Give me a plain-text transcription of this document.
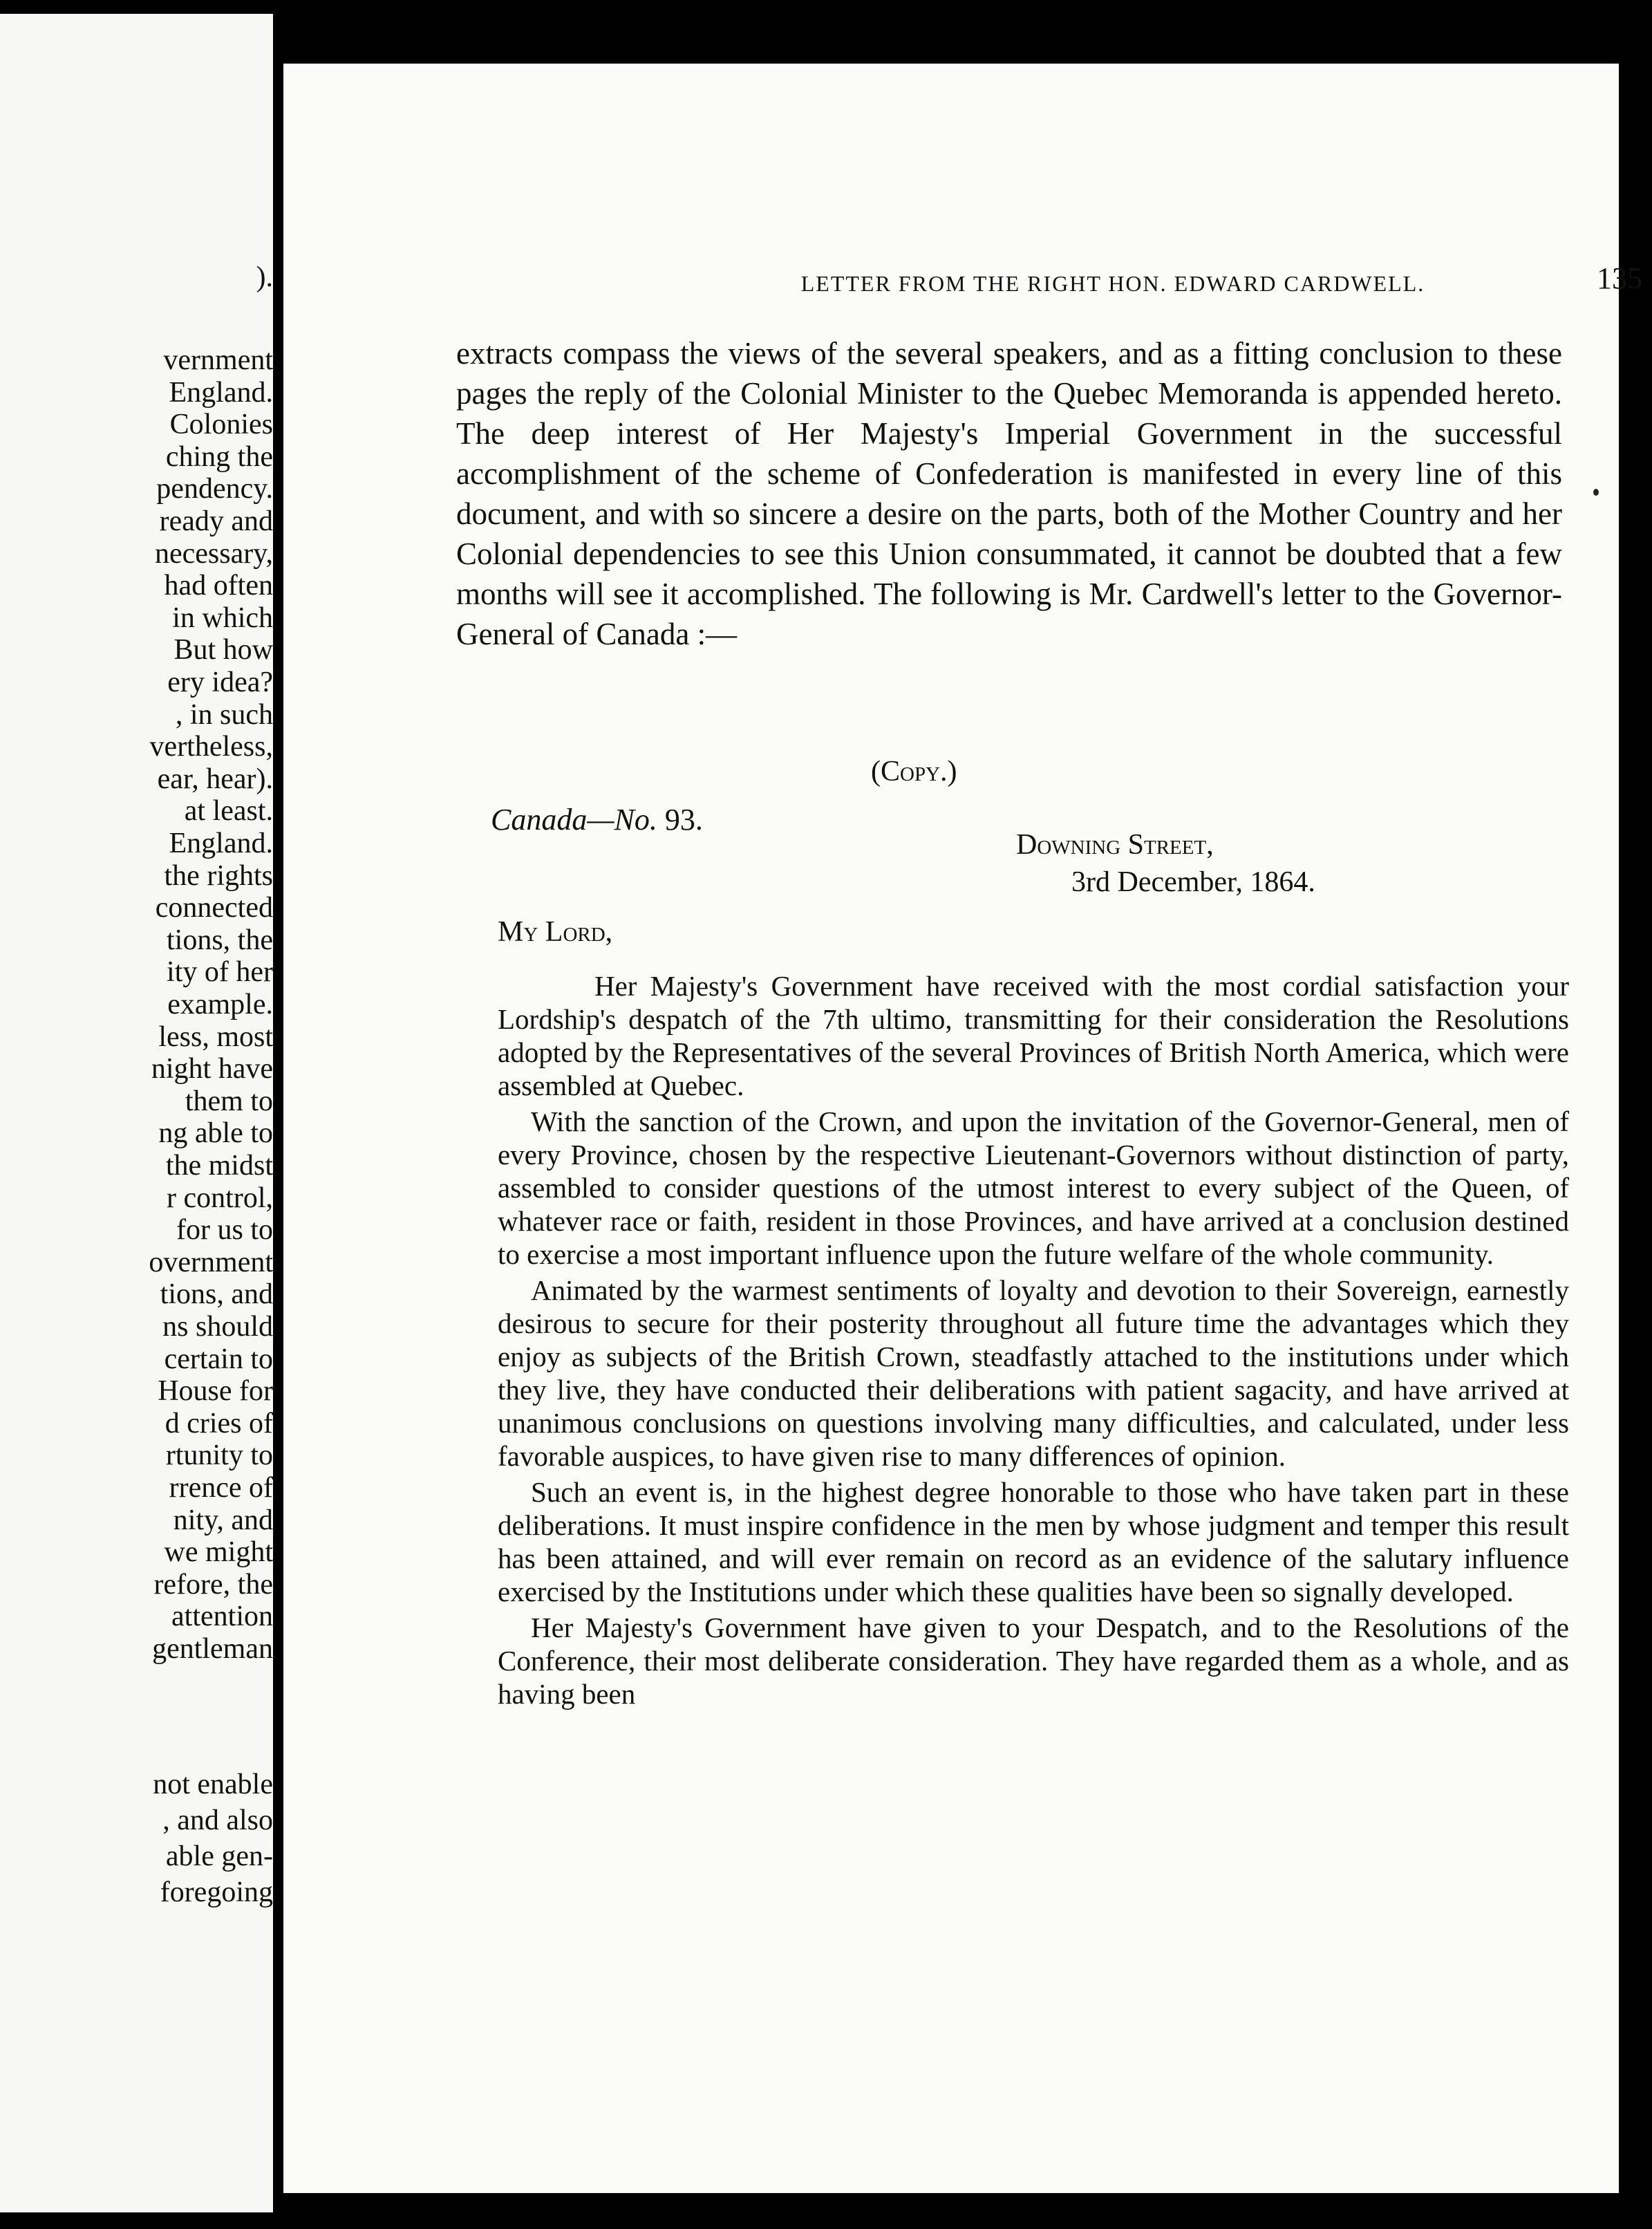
).
vernment
England.
Colonies
ching the
pendency.
ready and
necessary,
had often
in which
But how
ery idea?
, in such
vertheless,
ear, hear).
at least.
England.
the rights
connected
tions, the
ity of her
example.
less, most
night have
them to
ng able to
the midst
r control,
for us to
overnment
tions, and
ns should
certain to
House for
d cries of
rtunity to
rrence of
nity, and
we might
refore, the
attention
gentleman
not enable
, and also
able gen-
foregoing
LETTER FROM THE RIGHT HON. EDWARD CARDWELL.	135
extracts compass the views of the several speakers, and as a fitting conclusion to these pages the reply of the Colonial Minister to the Quebec Memoranda is appended hereto. The deep interest of Her Majesty's Imperial Government in the successful accomplishment of the scheme of Confederation is manifested in every line of this document, and with so sincere a desire on the parts, both of the Mother Country and her Colonial dependencies to see this Union consummated, it cannot be doubted that a few months will see it accomplished. The following is Mr. Cardwell's letter to the Governor-General of Canada :—
(Copy.)
Canada—No. 93.
Downing Street,
3rd December, 1864.
My Lord,

Her Majesty's Government have received with the most cordial satisfaction your Lordship's despatch of the 7th ultimo, transmitting for their consideration the Resolutions adopted by the Representatives of the several Provinces of British North America, which were assembled at Quebec.

With the sanction of the Crown, and upon the invitation of the Governor-General, men of every Province, chosen by the respective Lieutenant-Governors without distinction of party, assembled to consider questions of the utmost interest to every subject of the Queen, of whatever race or faith, resident in those Provinces, and have arrived at a conclusion destined to exercise a most important influence upon the future welfare of the whole community.

Animated by the warmest sentiments of loyalty and devotion to their Sovereign, earnestly desirous to secure for their posterity throughout all future time the advantages which they enjoy as subjects of the British Crown, steadfastly attached to the institutions under which they live, they have conducted their deliberations with patient sagacity, and have arrived at unanimous conclusions on questions involving many difficulties, and calculated, under less favorable auspices, to have given rise to many differences of opinion.

Such an event is, in the highest degree honorable to those who have taken part in these deliberations. It must inspire confidence in the men by whose judgment and temper this result has been attained, and will ever remain on record as an evidence of the salutary influence exercised by the Institutions under which these qualities have been so signally developed.

Her Majesty's Government have given to your Despatch, and to the Resolutions of the Conference, their most deliberate consideration. They have regarded them as a whole, and as having been
